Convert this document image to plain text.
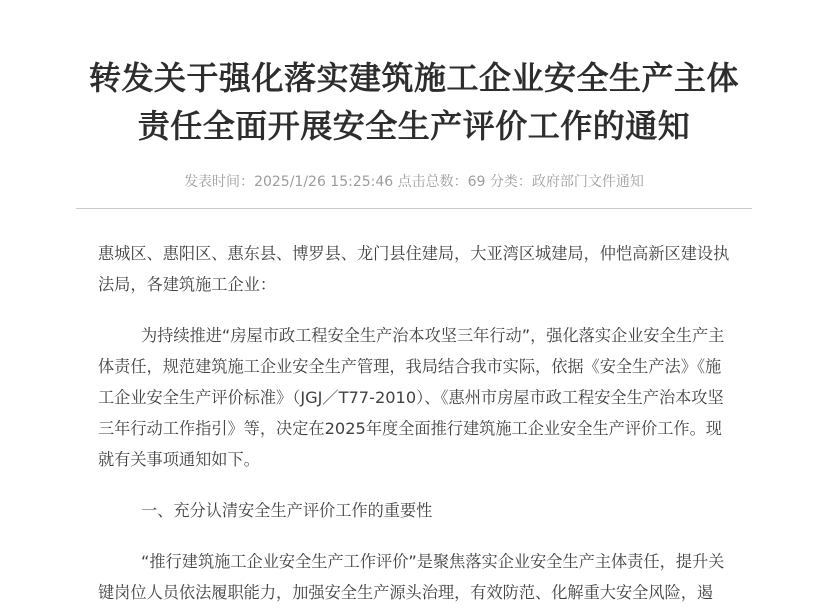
转发关于强化落实建筑施工企业安全生产主体责任全面开展安全生产评价工作的通知
发表时间：2025/1/26 15:25:46 点击总数：69 分类：政府部门文件通知

惠城区、惠阳区、惠东县、博罗县、龙门县住建局，大亚湾区城建局，仲恺高新区建设执法局，各建筑施工企业：

为持续推进“房屋市政工程安全生产治本攻坚三年行动”，强化落实企业安全生产主体责任，规范建筑施工企业安全生产管理，我局结合我市实际，依据《安全生产法》《施工企业安全生产评价标准》（JGJ／T77-2010）、《惠州市房屋市政工程安全生产治本攻坚三年行动工作指引》等，决定在2025年度全面推行建筑施工企业安全生产评价工作。现就有关事项通知如下。

一、充分认清安全生产评价工作的重要性

“推行建筑施工企业安全生产工作评价”是聚焦落实企业安全生产主体责任，提升关键岗位人员依法履职能力，加强安全生产源头治理，有效防范、化解重大安全风险，遏
